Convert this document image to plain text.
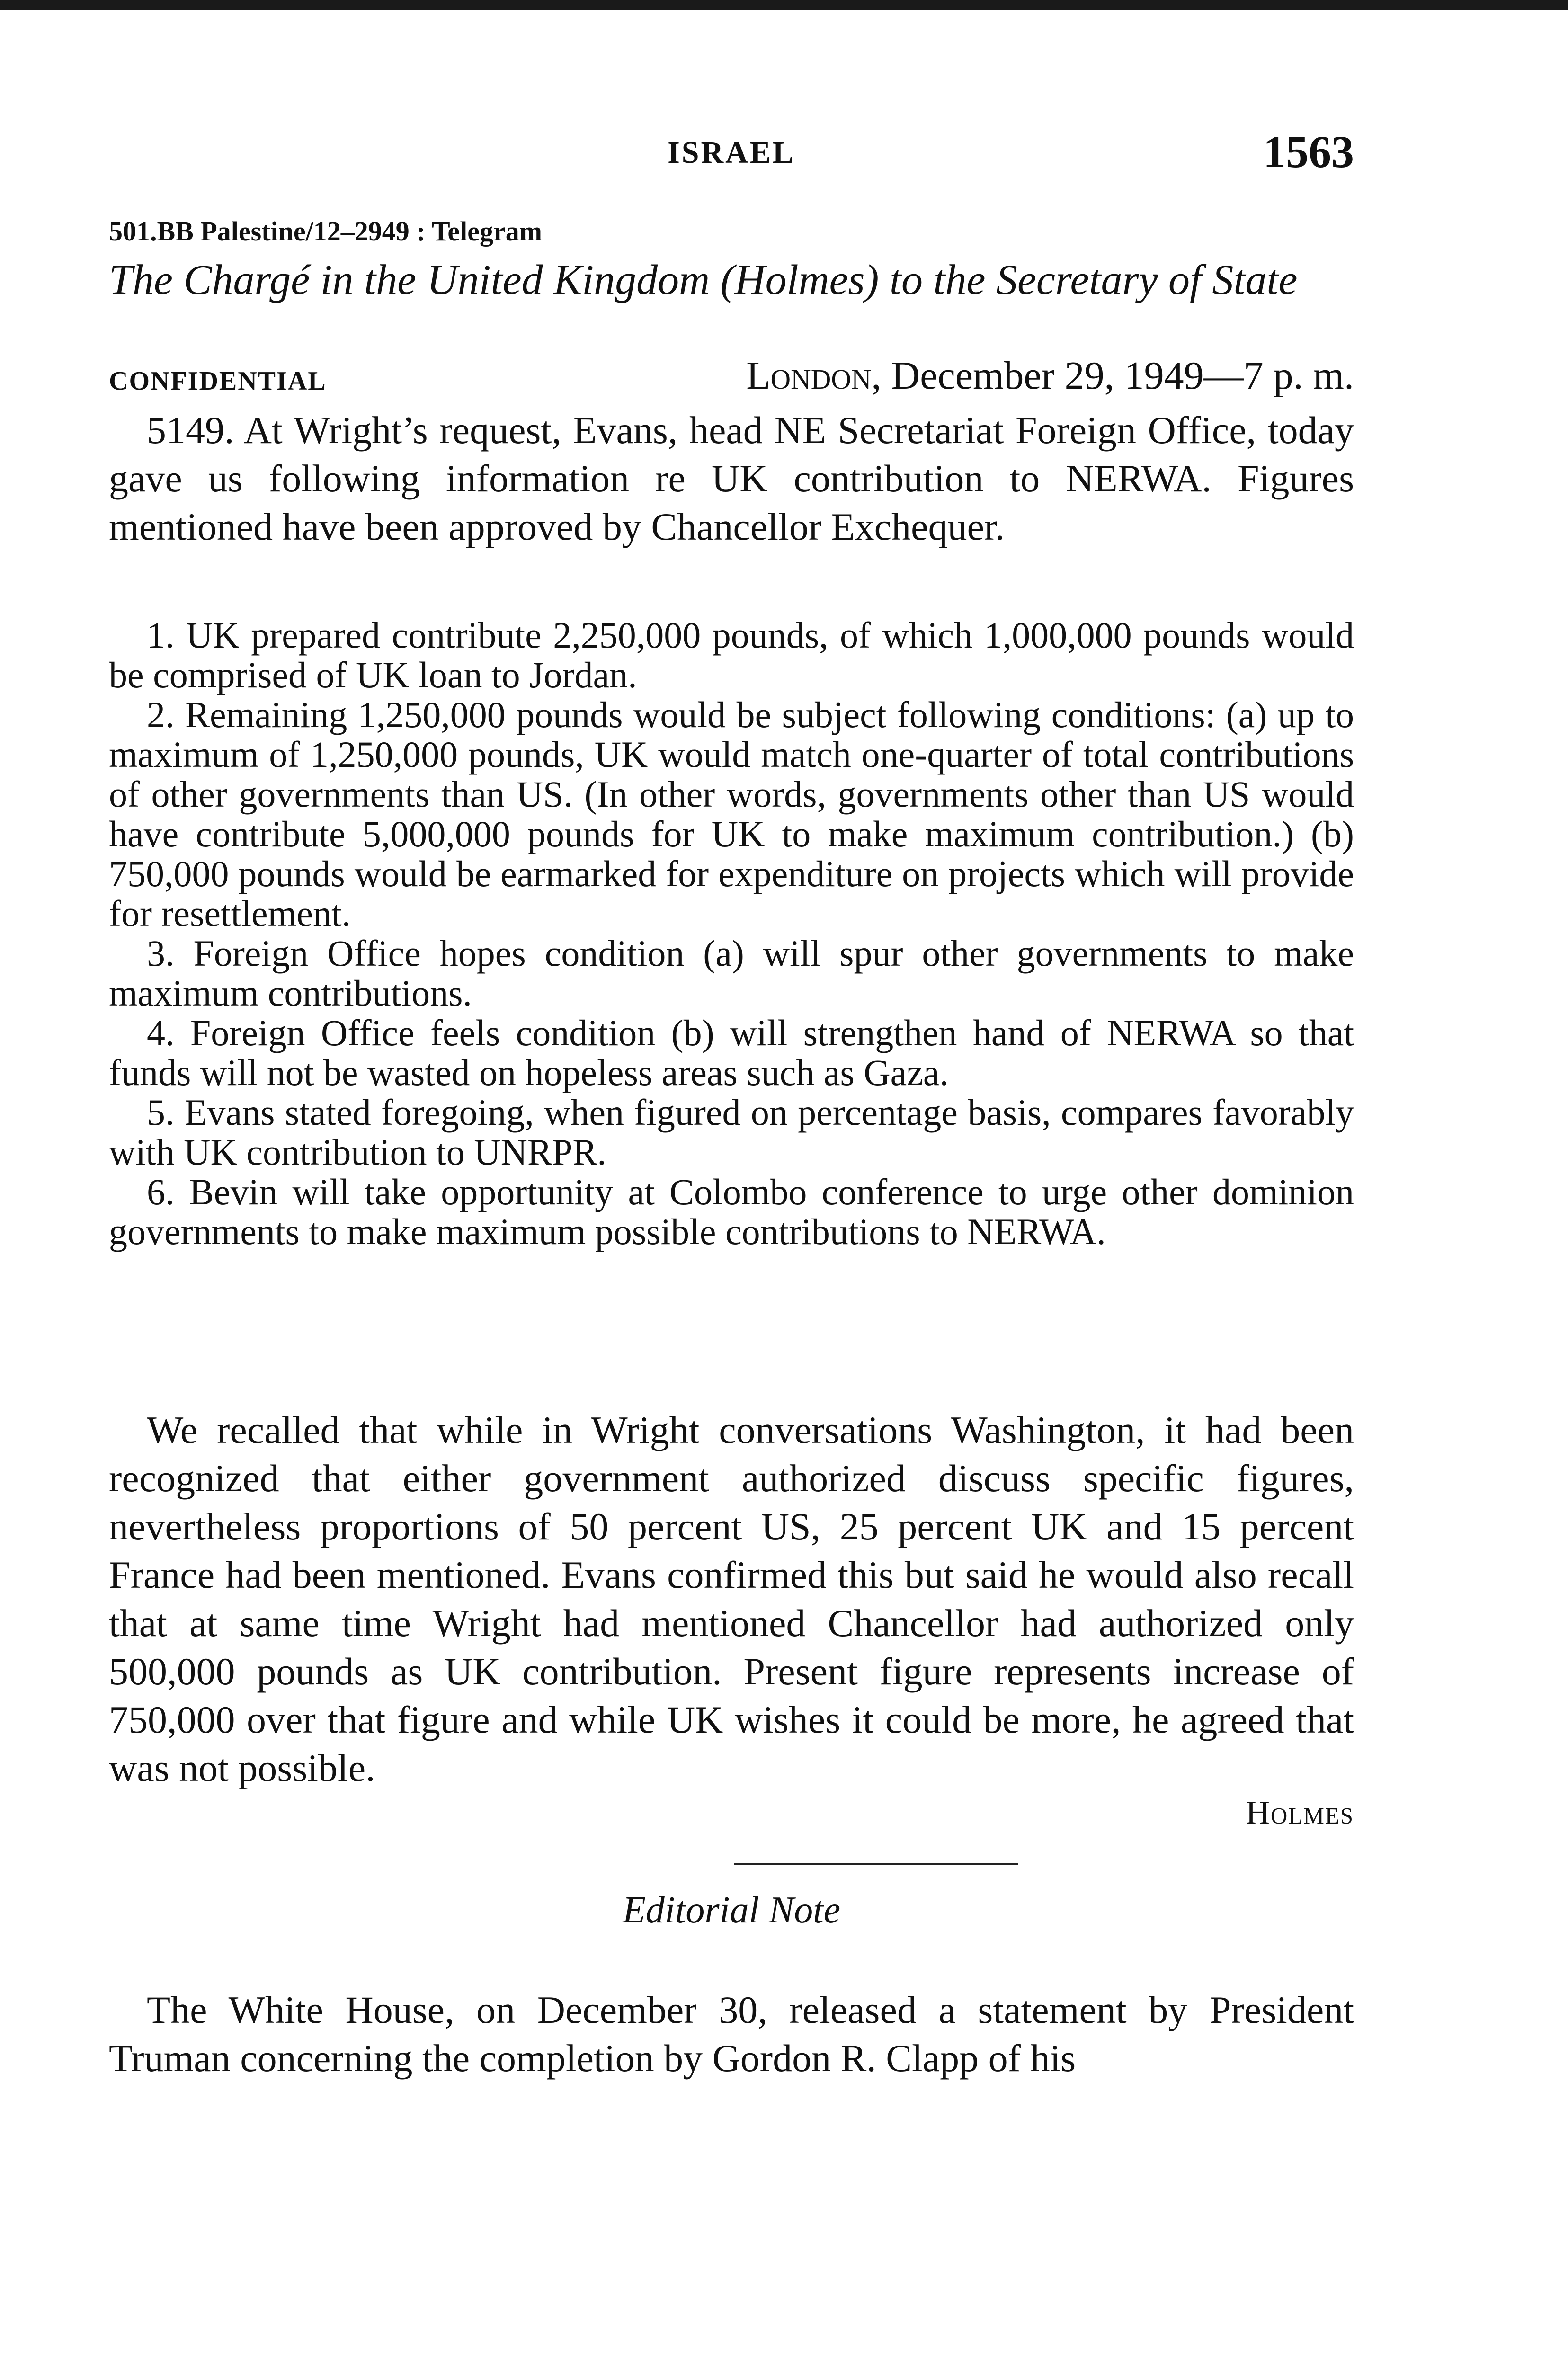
ISRAEL	1563
501.BB Palestine/12–2949 : Telegram
The Chargé in the United Kingdom (Holmes) to the Secretary of State
CONFIDENTIAL	London, December 29, 1949—7 p. m.

5149. At Wright’s request, Evans, head NE Secretariat Foreign Office, today gave us following information re UK contribution to NERWA. Figures mentioned have been approved by Chancellor Exchequer.

1. UK prepared contribute 2,250,000 pounds, of which 1,000,000 pounds would be comprised of UK loan to Jordan.

2. Remaining 1,250,000 pounds would be subject following conditions: (a) up to maximum of 1,250,000 pounds, UK would match one-quarter of total contributions of other governments than US. (In other words, governments other than US would have contribute 5,000,000 pounds for UK to make maximum contribution.) (b) 750,000 pounds would be earmarked for expenditure on projects which will provide for resettlement.

3. Foreign Office hopes condition (a) will spur other governments to make maximum contributions.

4. Foreign Office feels condition (b) will strengthen hand of NERWA so that funds will not be wasted on hopeless areas such as Gaza.

5. Evans stated foregoing, when figured on percentage basis, compares favorably with UK contribution to UNRPR.

6. Bevin will take opportunity at Colombo conference to urge other dominion governments to make maximum possible contributions to NERWA.

We recalled that while in Wright conversations Washington, it had been recognized that either government authorized discuss specific figures, nevertheless proportions of 50 percent US, 25 percent UK and 15 percent France had been mentioned. Evans confirmed this but said he would also recall that at same time Wright had mentioned Chancellor had authorized only 500,000 pounds as UK contribution. Present figure represents increase of 750,000 over that figure and while UK wishes it could be more, he agreed that was not possible.

Holmes
Editorial Note

The White House, on December 30, released a statement by President Truman concerning the completion by Gordon R. Clapp of his
